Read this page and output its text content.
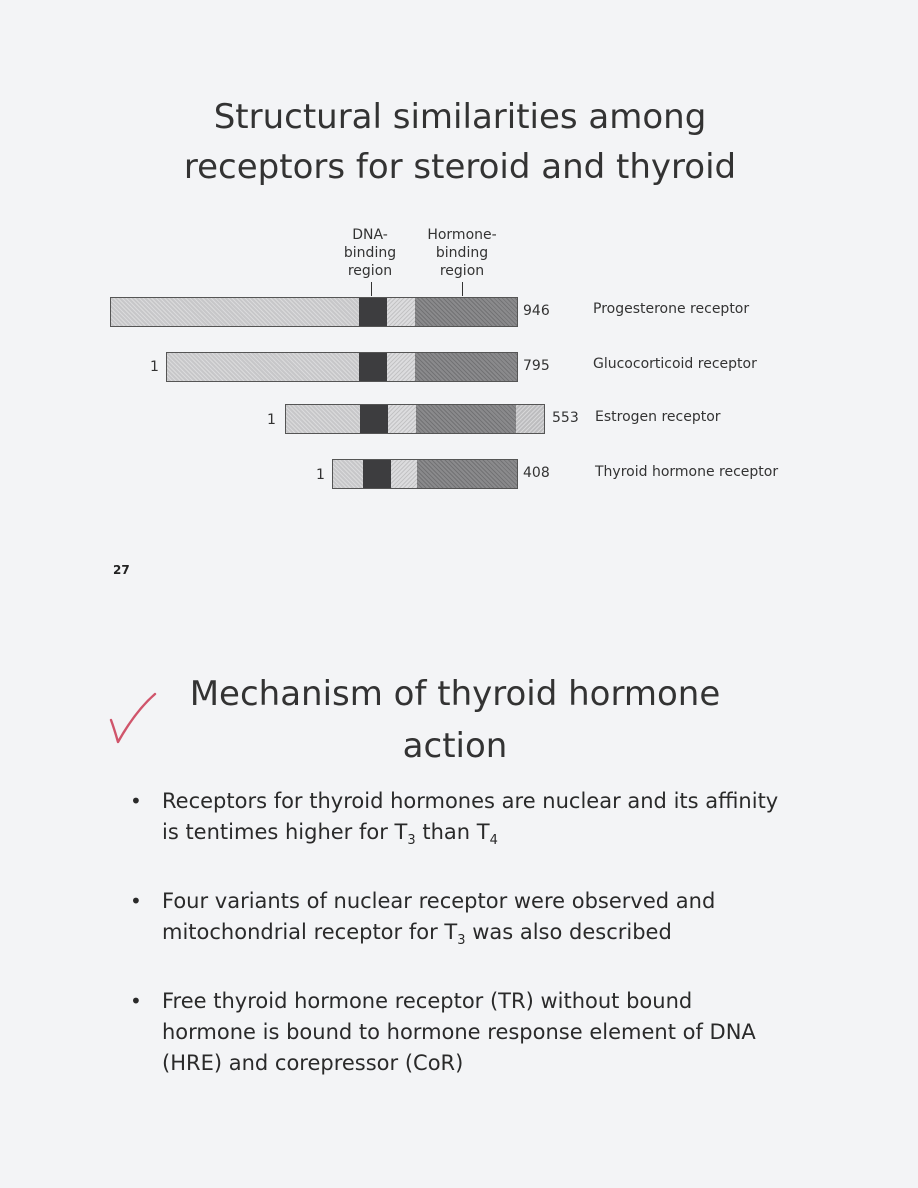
Structural similarities among
receptors for steroid and thyroid
DNA-
binding
region
Hormone-
binding
region
946	Progesterone receptor
1	795	Glucocorticoid receptor
1	553 Estrogen receptor
1	408	Thyroid hormone receptor
27
Mechanism of thyroid hormone
action
• Receptors for thyroid hormones are nuclear and its affinity is tentimes higher for $T_3$ than $T_4$
• Four variants of nuclear receptor were observed and mitochondrial receptor for $T_3$ was also described
• Free thyroid hormone receptor (TR) without bound hormone is bound to hormone response element of DNA (HRE) and corepressor (CoR)
